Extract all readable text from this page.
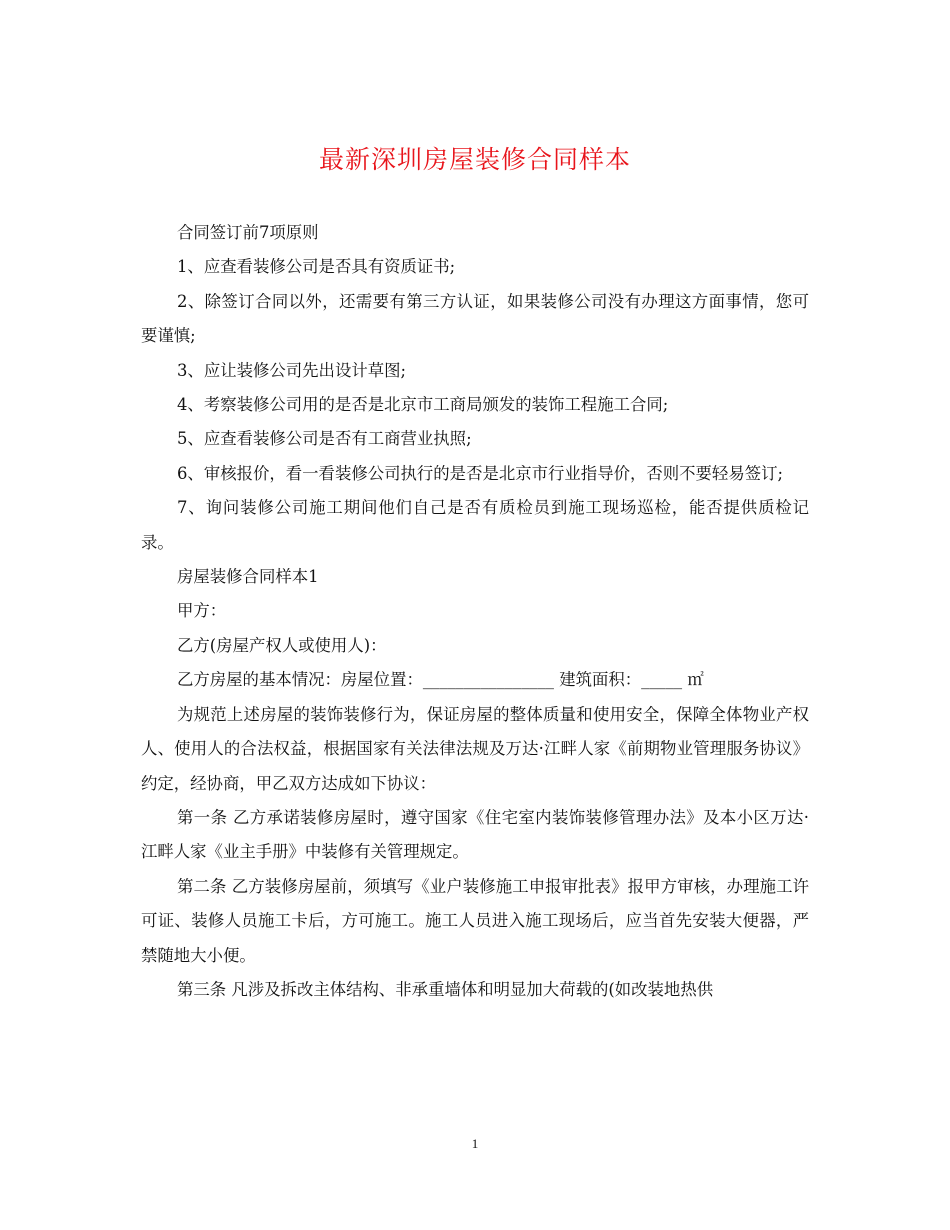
最新深圳房屋装修合同样本

合同签订前7项原则

1、应查看装修公司是否具有资质证书;

2、除签订合同以外，还需要有第三方认证，如果装修公司没有办理这方面事情，您可要谨慎;

3、应让装修公司先出设计草图;

4、考察装修公司用的是否是北京市工商局颁发的装饰工程施工合同;

5、应查看装修公司是否有工商营业执照;

6、审核报价，看一看装修公司执行的是否是北京市行业指导价，否则不要轻易签订;

7、询问装修公司施工期间他们自己是否有质检员到施工现场巡检，能否提供质检记录。

房屋装修合同样本1

甲方：

乙方(房屋产权人或使用人)：

乙方房屋的基本情况：房屋位置：________________ 建筑面积：_____ ㎡

为规范上述房屋的装饰装修行为，保证房屋的整体质量和使用安全，保障全体物业产权人、使用人的合法权益，根据国家有关法律法规及万达·江畔人家《前期物业管理服务协议》约定，经协商，甲乙双方达成如下协议：

第一条 乙方承诺装修房屋时，遵守国家《住宅室内装饰装修管理办法》及本小区万达·江畔人家《业主手册》中装修有关管理规定。

第二条 乙方装修房屋前，须填写《业户装修施工申报审批表》报甲方审核，办理施工许可证、装修人员施工卡后，方可施工。施工人员进入施工现场后，应当首先安装大便器，严禁随地大小便。

第三条 凡涉及拆改主体结构、非承重墙体和明显加大荷载的(如改装地热供

1
